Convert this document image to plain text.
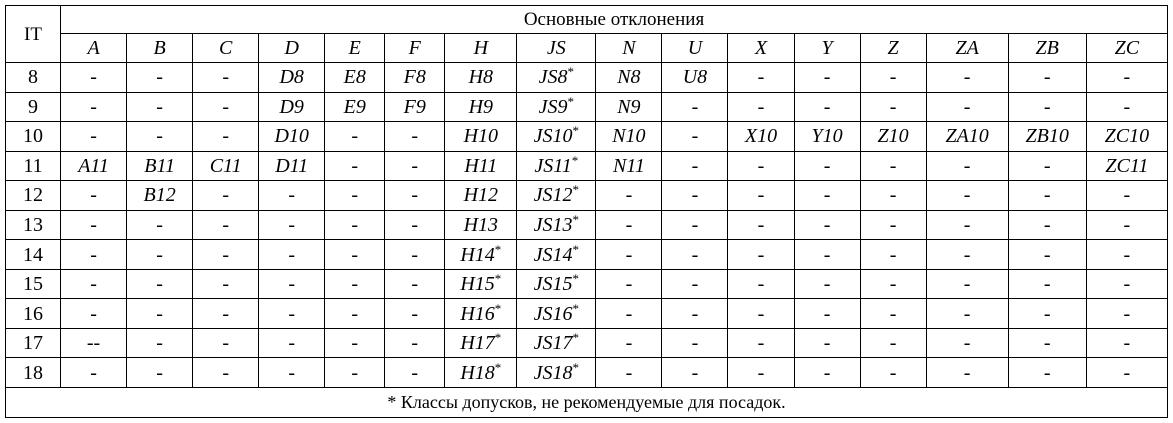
IT	Основные отклонения															
	A	B	C	D	E	F	H	JS	N	U	X	Y	Z	ZA	ZB	ZC
8	-	-	-	D8	E8	F8	H8	JS8*	N8	U8	-	-	-	-	-	-
9	-	-	-	D9	E9	F9	H9	JS9*	N9	-	-	-	-	-	-	-
10	-	-	-	D10	-	-	H10	JS10*	N10	-	X10	Y10	Z10	ZA10	ZB10	ZC10
11	A11	B11	C11	D11	-	-	H11	JS11*	N11	-	-	-	-	-	-	ZC11
12	-	B12	-	-	-	-	H12	JS12*	-	-	-	-	-	-	-	-
13	-	-	-	-	-	-	H13	JS13*	-	-	-	-	-	-	-	-
14	-	-	-	-	-	-	H14*	JS14*	-	-	-	-	-	-	-	-
15	-	-	-	-	-	-	H15*	JS15*	-	-	-	-	-	-	-	-
16	-	-	-	-	-	-	H16*	JS16*	-	-	-	-	-	-	-	-
17	--	-	-	-	-	-	H17*	JS17*	-	-	-	-	-	-	-	-
18	-	-	-	-	-	-	H18*	JS18*	-	-	-	-	-	-	-	-
* Классы допусков, не рекомендуемые для посадок.																
